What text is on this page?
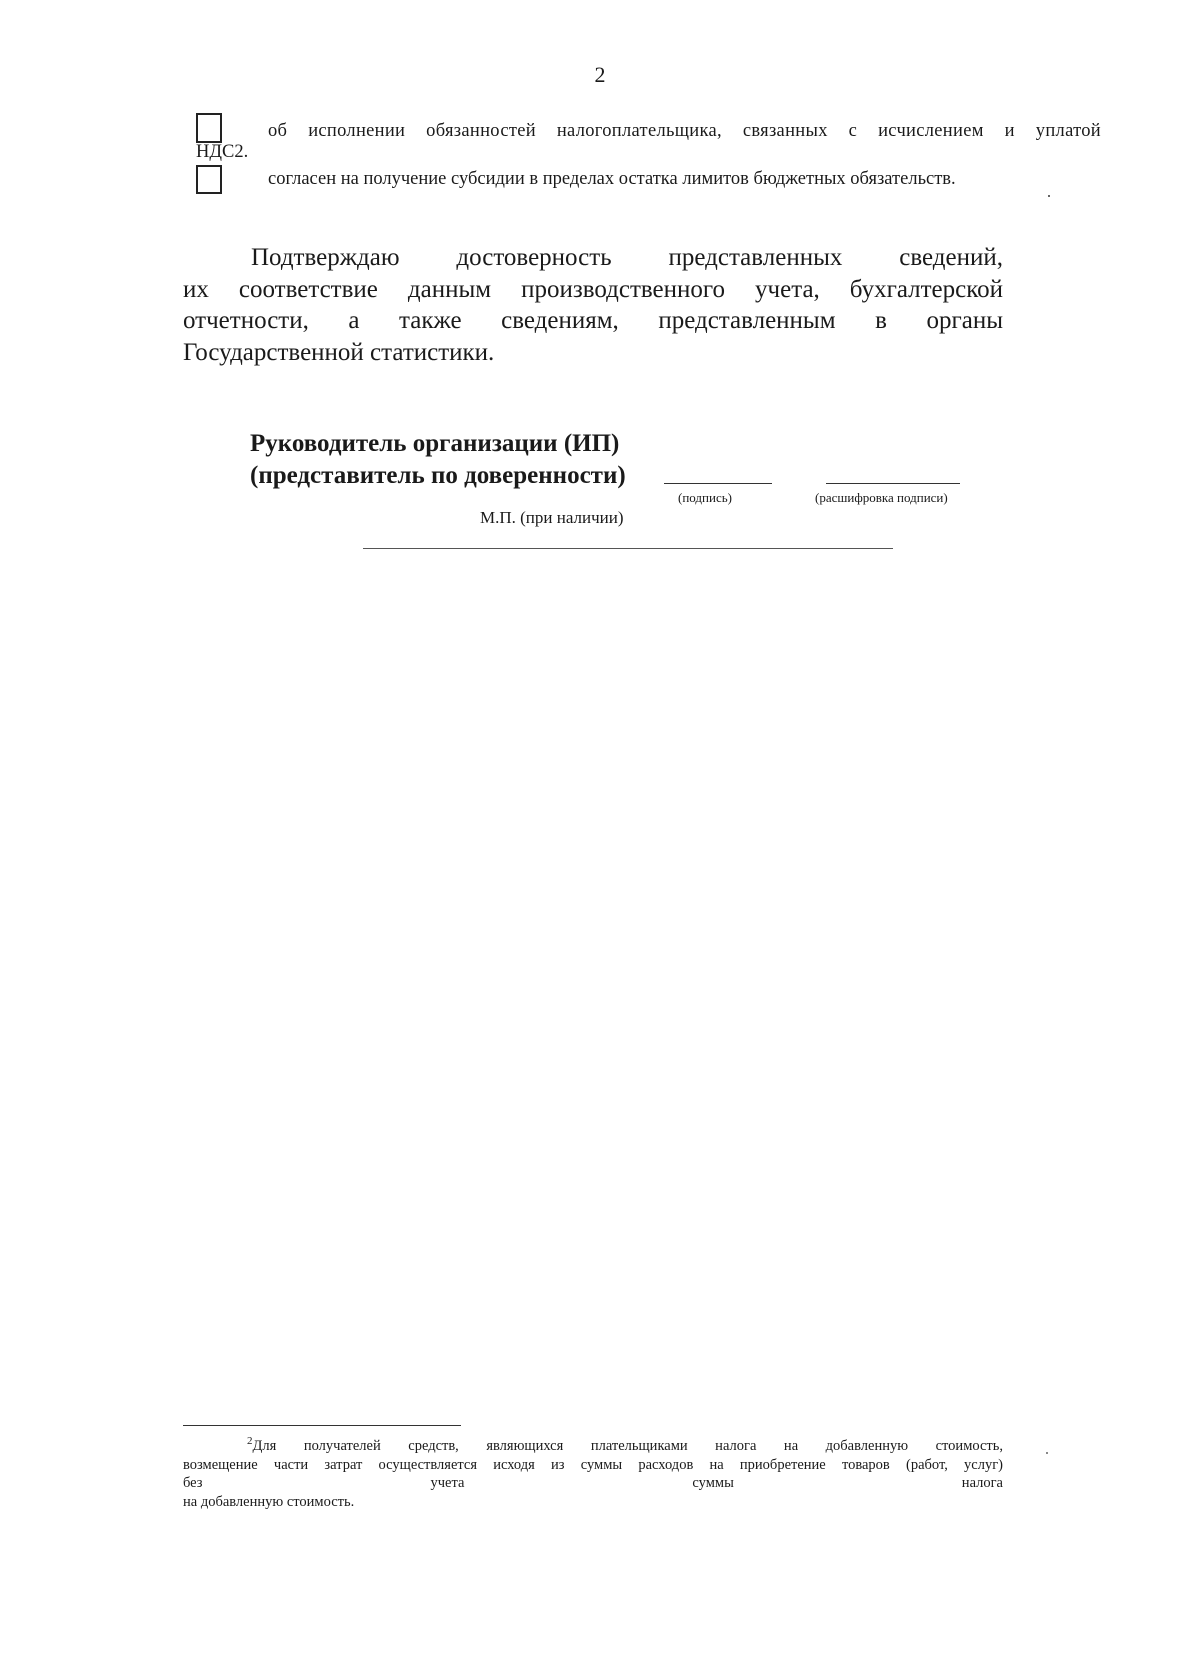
2
об исполнении обязанностей налогоплательщика, связанных с исчислением и уплатой
НДС2.
согласен на получение субсидии в пределах остатка лимитов бюджетных обязательств.
Подтверждаю достоверность представленных сведений,
их соответствие данным производственного учета, бухгалтерской
отчетности, а также сведениям, представленным в органы
Государственной статистики.
Руководитель организации (ИП)
(представитель по доверенности)
(подпись)	(расшифровка подписи)
М.П. (при наличии)
$^2$Для получателей средств, являющихся плательщиками налога на добавленную стоимость,
возмещение части затрат осуществляется исходя из суммы расходов на приобретение товаров (работ, услуг)
без учета суммы налога
на добавленную стоимость.
